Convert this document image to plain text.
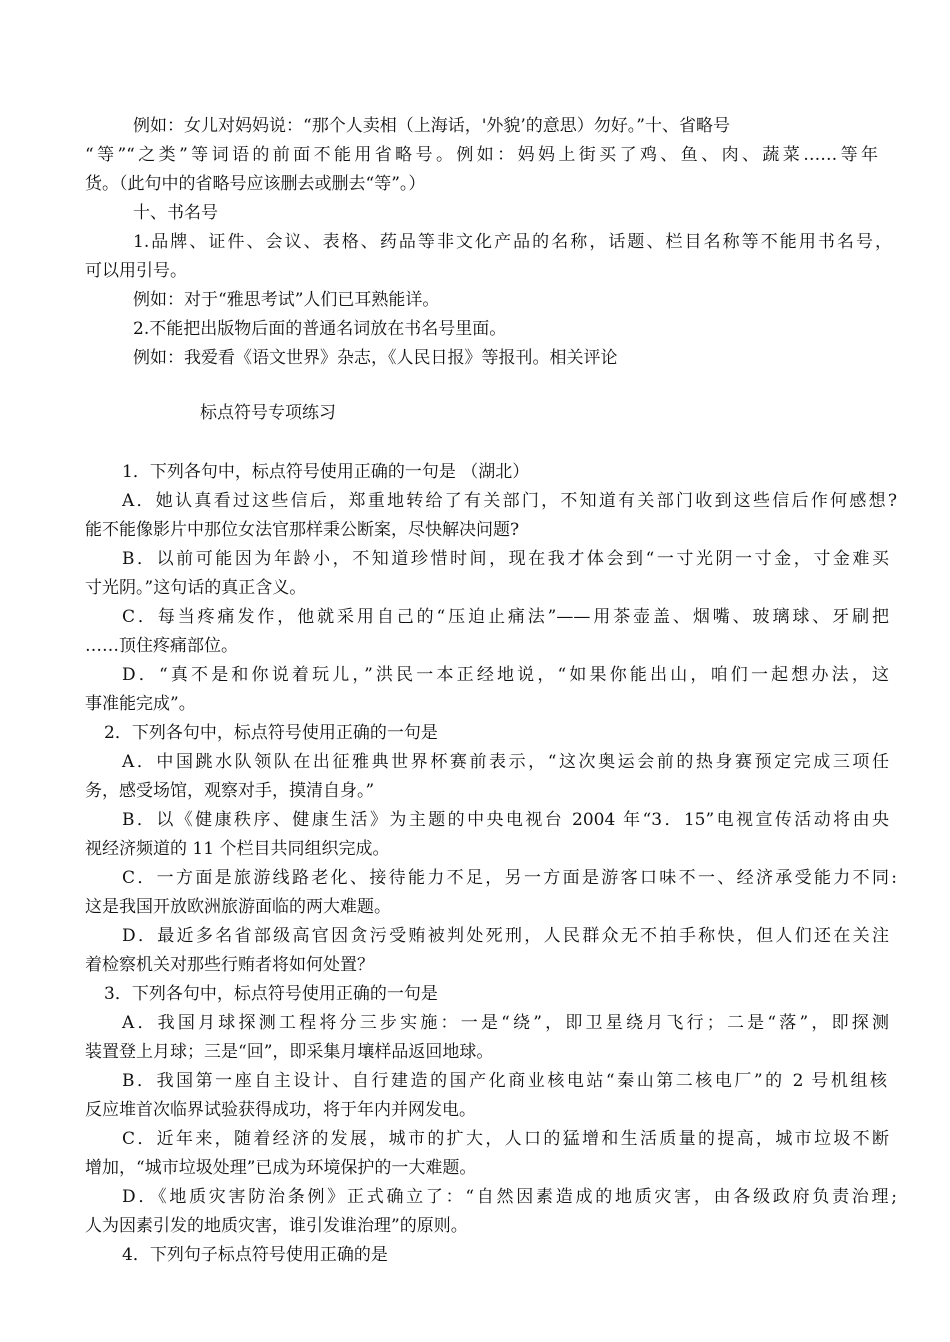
例如：女儿对妈妈说：“那个人卖相（上海话，'外貌’的意思）勿好。”十、省略号
“等”“之类”等词语的前面不能用省略号。例如：妈妈上街买了鸡、鱼、肉、蔬菜……等年
货。（此句中的省略号应该删去或删去“等”。）
十、书名号
1.品牌、证件、会议、表格、药品等非文化产品的名称，话题、栏目名称等不能用书名号，
可以用引号。
例如：对于“雅思考试”人们已耳熟能详。
2.不能把出版物后面的普通名词放在书名号里面。
例如：我爱看《语文世界》杂志，《人民日报》等报刊。相关评论
标点符号专项练习
1．下列各句中，标点符号使用正确的一句是 （湖北）
A．她认真看过这些信后，郑重地转给了有关部门，不知道有关部门收到这些信后作何感想?
能不能像影片中那位女法官那样秉公断案，尽快解决问题?
B．以前可能因为年龄小，不知道珍惜时间，现在我才体会到“一寸光阴一寸金，寸金难买
寸光阴。”这句话的真正含义。
C．每当疼痛发作，他就采用自己的“压迫止痛法”——用茶壶盖、烟嘴、玻璃球、牙刷把
……顶住疼痛部位。
D．“真不是和你说着玩儿，”洪民一本正经地说，“如果你能出山，咱们一起想办法，这
事准能完成”。
2．下列各句中，标点符号使用正确的一句是
A．中国跳水队领队在出征雅典世界杯赛前表示，“这次奥运会前的热身赛预定完成三项任
务，感受场馆，观察对手，摸清自身。”
B．以《健康秩序、健康生活》为主题的中央电视台 2004 年“3．15”电视宣传活动将由央
视经济频道的 11 个栏目共同组织完成。
C．一方面是旅游线路老化、接待能力不足，另一方面是游客口味不一、经济承受能力不同:
这是我国开放欧洲旅游面临的两大难题。
D．最近多名省部级高官因贪污受贿被判处死刑，人民群众无不拍手称快，但人们还在关注
着检察机关对那些行贿者将如何处置？
3．下列各句中，标点符号使用正确的一句是
A．我国月球探测工程将分三步实施：一是“绕”，即卫星绕月飞行；二是“落”，即探测
装置登上月球；三是“回”，即采集月壤样品返回地球。
B．我国第一座自主设计、自行建造的国产化商业核电站“秦山第二核电厂”的 2 号机组核
反应堆首次临界试验获得成功，将于年内并网发电。
C．近年来，随着经济的发展，城市的扩大，人口的猛增和生活质量的提高，城市垃圾不断
增加，“城市垃圾处理”已成为环境保护的一大难题。
D．《地质灾害防治条例》正式确立了：“自然因素造成的地质灾害，由各级政府负责治理;
人为因素引发的地质灾害，谁引发谁治理”的原则。
4．下列句子标点符号使用正确的是
